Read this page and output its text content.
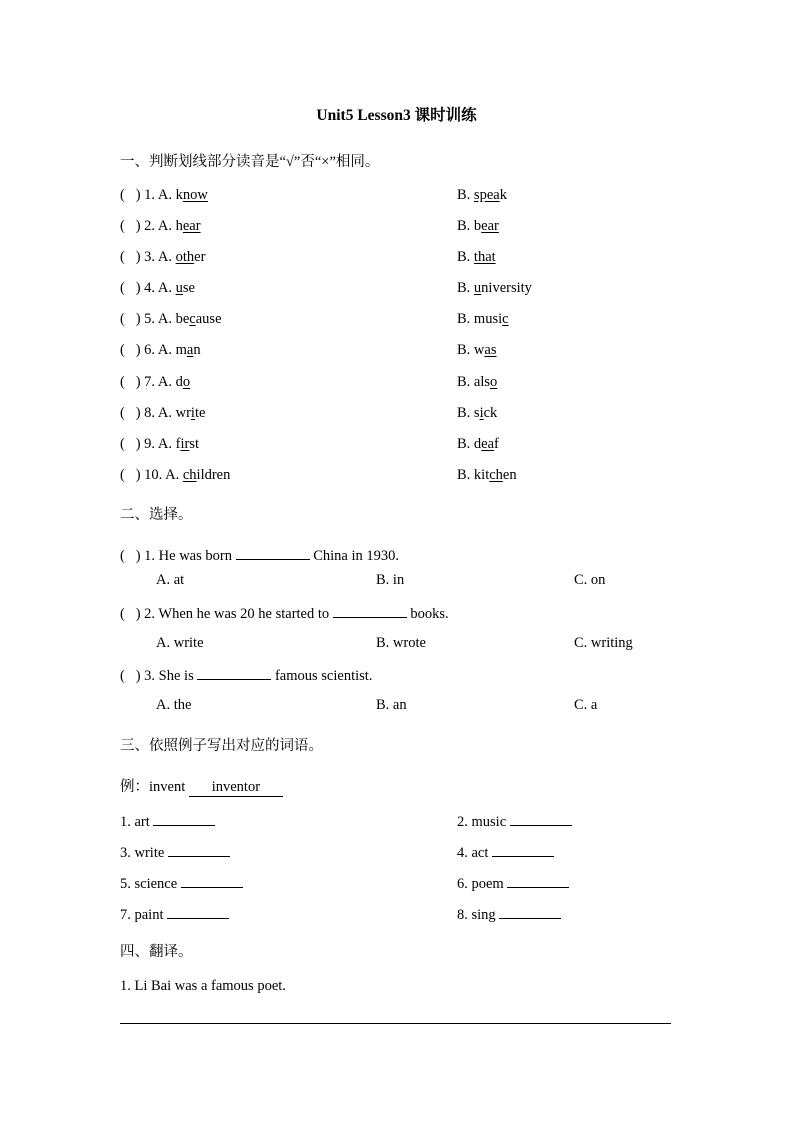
Unit5 Lesson3 课时训练
一、判断划线部分读音是“√”否“×”相同。
(   ) 1. A. know	B. speak
(   ) 2. A. hear	B. bear
(   ) 3. A. other	B. that
(   ) 4. A. use	B. university
(   ) 5. A. because	B. music
(   ) 6. A. man	B. was
(   ) 7. A. do	B. also
(   ) 8. A. write	B. sick
(   ) 9. A. first	B. deaf
(   ) 10. A. children	B. kitchen
二、选择。
(   ) 1. He was born	China in 1930.
A. at	B. in	C. on
(   ) 2. When he was 20 he started to	books.
A. write	B. wrote	C. writing
(   ) 3. She is	famous scientist.
A. the	B. an	C. a
三、依照例子写出对应的词语。
例：invent inventor
1. art	2. music
3. write	4. act
5. science	6. poem
7. paint	8. sing
四、翻译。
1. Li Bai was a famous poet.
